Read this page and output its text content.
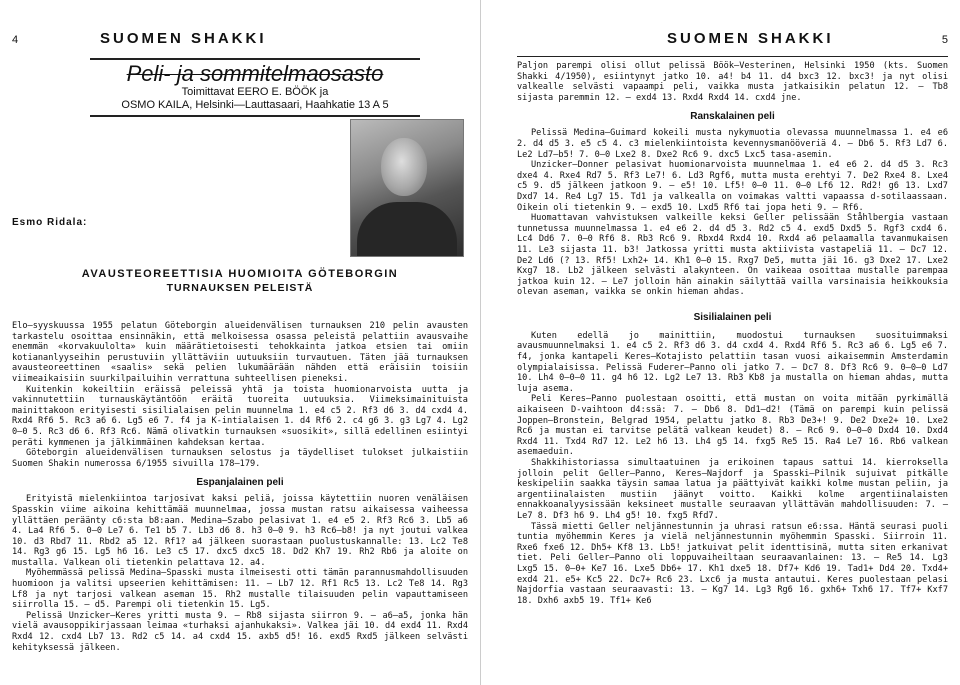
4	SUOMEN SHAKKI
Peli- ja sommitelmaosasto
Toimittavat EERO E. BÖÖK ja
OSMO KAILA, Helsinki—Lauttasaari, Haahkatie 13 A 5
Esmo Ridala:
AVAUSTEOREETTISIA HUOMIOITA GÖTEBORGIN
TURNAUKSEN PELEISTÄ

Elo—syyskuussa 1955 pelatun Göteborgin alueidenvälisen turnauksen 210 pelin avausten tarkastelu osoittaa ensinnäkin, että melkoisessa osassa peleistä pelattiin avausvaihe enemmän «korvakuulolta» kuin määrätietoisesti tehokkainta jatkoa etsien tai omiin kotiananlyyseihin perustuviin yllättäviin uutuuksiin turvautuen. Täten jää turnauksen avausteoreettinen «saalis» sekä pelien lukumäärään nähden että eräisiin toisiin viimeaikaisiin suurkilpailuihin verrattuna suhteellisen pieneksi.

Kuitenkin kokeiltiin eräissä peleissä yhtä ja toista huomionarvoista uutta ja vakinnutettiin turnauskäytäntöön eräitä tuoreita uutuuksia. Viimeksimainituista mainittakoon erityisesti sisilialaisen pelin muunnelma 1. e4 c5 2. Rf3 d6 3. d4 cxd4 4. Rxd4 Rf6 5. Rc3 a6 6. Lg5 e6 7. f4 ja K-intialaisen 1. d4 Rf6 2. c4 g6 3. g3 Lg7 4. Lg2 0—0 5. Rc3 d6 6. Rf3 Rc6. Nämä olivatkin turnauksen «suosikit», sillä edellinen esiintyi peräti kymmenen ja jälkimmäinen kahdeksan kertaa.

Göteborgin alueidenvälisen turnauksen selostus ja täydelliset tulokset julkaistiin Suomen Shakin numerossa 6/1955 sivuilla 178—179.

Espanjalainen peli

Erityistä mielenkiintoa tarjosivat kaksi peliä, joissa käytettiin nuoren venäläisen Spasskin viime aikoina kehittämää muunnelmaa, jossa mustan ratsu aikaisessa vaiheessa yllättäen peräänty c6:sta b8:aan. Medina—Szabo pelasivat 1. e4 e5 2. Rf3 Rc6 3. Lb5 a6 4. La4 Rf6 5. 0—0 Le7 6. Te1 b5 7. Lb3 d6 8. h3 0—0 9. h3 Rc6—b8! ja nyt joutui valkea 10. d3 Rbd7 11. Rbd2 a5 12. Rf1? a4 jälkeen suorastaan puolustuskannalle: 13. Lc2 Te8 14. Rg3 g6 15. Lg5 h6 16. Le3 c5 17. dxc5 dxc5 18. Dd2 Kh7 19. Rh2 Rb6 ja aloite on mustalla. Valkean oli tietenkin pelattava 12. a4.

Myöhemmässä pelissä Medina—Spasski musta ilmeisesti otti tämän parannusmahdollisuuden huomioon ja valitsi upseerien kehittämisen: 11. — Lb7 12. Rf1 Rc5 13. Lc2 Te8 14. Rg3 Lf8 ja nyt tarjosi valkean aseman 15. Rh2 mustalle tilaisuuden pelin vapauttamiseen siirrolla 15. — d5. Parempi oli tietenkin 15. Lg5.

Pelissä Unzicker—Keres yritti musta 9. — Rb8 sijasta siirron 9. — a6—a5, jonka hän vielä avausoppikirjassaan leimaa «turhaksi ajanhukaksi». Valkea jäi 10. d4 exd4 11. Rxd4 Rxd4 12. cxd4 Lb7 13. Rd2 c5 14. a4 cxd4 15. axb5 d5! 16. exd5 Rxd5 jälkeen selvästi kehityksessä jälkeen.

SUOMEN SHAKKI	5

Paljon parempi olisi ollut pelissä Böök—Vesterinen, Helsinki 1950 (kts. Suomen Shakki 4/1950), esiintynyt jatko 10. a4! b4 11. d4 bxc3 12. bxc3! ja nyt olisi valkealle selvästi vapaampi peli, vaikka musta jatkaisikin pelatun 12. — Tb8 sijasta paremmin 12. — exd4 13. Rxd4 Rxd4 14. cxd4 jne.

Ranskalainen peli

Pelissä Medina—Guimard kokeili musta nykymuotia olevassa muunnelmassa 1. e4 e6 2. d4 d5 3. e5 c5 4. c3 mielenkiintoista kevennysmanööveriä 4. — Db6 5. Rf3 Ld7 6. Le2 Ld7—b5! 7. 0—0 Lxe2 8. Dxe2 Rc6 9. dxc5 Lxc5 tasa-asemin.

Unzicker—Donner pelasivat huomionarvoista muunnelmaa 1. e4 e6 2. d4 d5 3. Rc3 dxe4 4. Rxe4 Rd7 5. Rf3 Le7! 6. Ld3 Rgf6, mutta musta erehtyi 7. De2 Rxe4 8. Lxe4 c5 9. d5 jälkeen jatkoon 9. — e5! 10. Lf5! 0—0 11. 0—0 Lf6 12. Rd2! g6 13. Lxd7 Dxd7 14. Re4 Lg7 15. Td1 ja valkealla on voimakas valtti vapaassa d-sotilaassaan. Oikein oli tietenkin 9. — exd5 10. Lxd5 Rf6 tai jopa heti 9. — Rf6.

Huomattavan vahvistuksen valkeille keksi Geller pelissään Ståhlbergia vastaan tunnetussa muunnelmassa 1. e4 e6 2. d4 d5 3. Rd2 c5 4. exd5 Dxd5 5. Rgf3 cxd4 6. Lc4 Dd6 7. 0—0 Rf6 8. Rb3 Rc6 9. Rbxd4 Rxd4 10. Rxd4 a6 pelaamalla tavanmukaisen 11. Le3 sijasta 11. b3! Jatkossa yritti musta aktiivista vastapeliä 11. — Dc7 12. De2 Ld6 (? 13. Rf5! Lxh2+ 14. Kh1 0—0 15. Rxg7 De5, mutta jäi 16. g3 Dxe2 17. Lxe2 Kxg7 18. Lb2 jälkeen selvästi alakynteen. On vaikeaa osoittaa mustalle parempaa jatkoa kuin 12. — Le7 jolloin hän ainakin säilyttää vailla varsinaisia heikkouksia olevan aseman, vaikka se onkin hieman ahdas.

Sisilialainen peli

Kuten edellä jo mainittiin, muodostui turnauksen suosituimmaksi avausmuunnelmaksi 1. e4 c5 2. Rf3 d6 3. d4 cxd4 4. Rxd4 Rf6 5. Rc3 a6 6. Lg5 e6 7. f4, jonka kantapeli Keres—Kotajisto pelattiin tasan vuosi aikaisemmin Amsterdamin olympialaisissa. Pelissä Fuderer—Panno oli jatko 7. — Dc7 8. Df3 Rc6 9. 0—0—0 Ld7 10. Lh4 0—0—0 11. g4 h6 12. Lg2 Le7 13. Rb3 Kb8 ja mustalla on hieman ahdas, mutta luja asema.

Peli Keres—Panno puolestaan osoitti, että mustan on voita mitään pyrkimällä aikaiseen D-vaihtoon d4:ssä: 7. — Db6 8. Dd1—d2! (Tämä on parempi kuin pelissä Joppen—Bronstein, Belgrad 1954, pelattu jatko 8. Rb3 De3+! 9. De2 Dxe2+ 10. Lxe2 Rc6 ja mustan ei tarvitse pelätä valkean keudet) 8. — Rc6 9. 0—0—0 Dxd4 10. Dxd4 Rxd4 11. Txd4 Rd7 12. Le2 h6 13. Lh4 g5 14. fxg5 Re5 15. Ra4 Le7 16. Rb6 valkean asemaeduin.

Shakkihistoriassa simultaatuinen ja erikoinen tapaus sattui 14. kierroksella jolloin pelit Geller—Panno, Keres—Najdorf ja Spasski—Pilnik sujuivat pitkälle keskipeliin saakka täysin samaa latua ja päättyivät kaikki kolme mustan peliin, ja argentiinalaisten mustiin jäänyt voitto. Kaikki kolme argentiinalaisten ennakkoanalyysissään keksineet mustalle seuraavan yllättävän mahdollisuuden: 7. — Le7 8. Df3 h6 9. Lh4 g5! 10. fxg5 Rfd7.

Tässä mietti Geller neljännestunnin ja uhrasi ratsun e6:ssa. Häntä seurasi puoli tuntia myöhemmin Keres ja vielä neljännestunnin myöhemmin Spasski. Siirroin 11. Rxe6 fxe6 12. Dh5+ Kf8 13. Lb5! jatkuivat pelit identtisinä, mutta siten erkanivat tiet. Peli Geller—Panno oli loppuvaiheiltaan seuraavanlainen: 13. — Re5 14. Lg3 Lxg5 15. 0—0+ Ke7 16. Lxe5 Db6+ 17. Kh1 dxe5 18. Df7+ Kd6 19. Tad1+ Dd4 20. Txd4+ exd4 21. e5+ Kc5 22. Dc7+ Rc6 23. Lxc6 ja musta antautui. Keres puolestaan pelasi Najdorfia vastaan seuraavasti: 13. — Kg7 14. Lg3 Rg6 16. gxh6+ Txh6 17. Tf7+ Kxf7 18. Dxh6 axb5 19. Tf1+ Ke6
